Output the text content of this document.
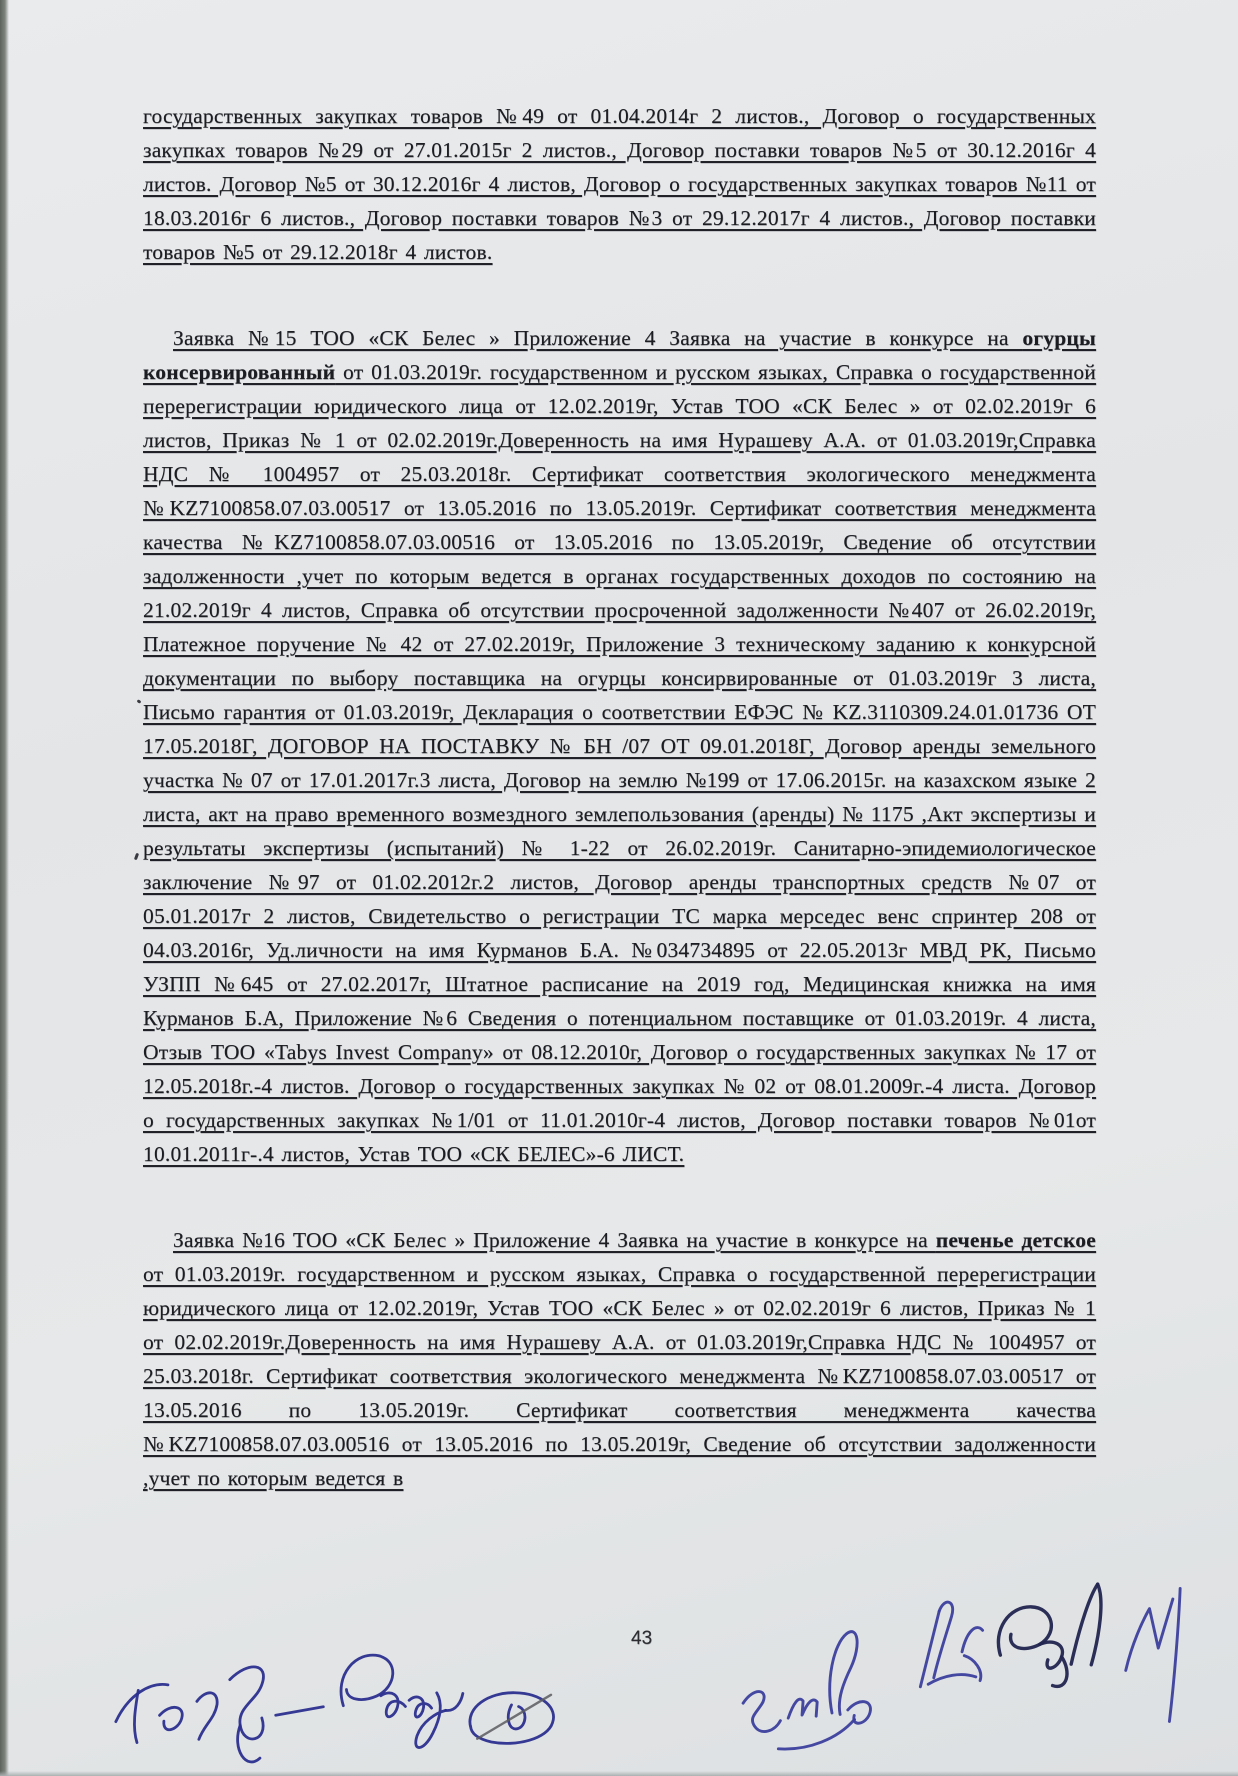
государственных закупках товаров №49 от 01.04.2014г 2 листов., Договор о государственных закупках товаров №29 от 27.01.2015г 2 листов., Договор поставки товаров №5 от 30.12.2016г 4 листов. Договор №5 от 30.12.2016г 4 листов, Договор о государственных закупках товаров №11 от 18.03.2016г 6 листов., Договор поставки товаров №3 от 29.12.2017г 4 листов., Договор поставки товаров №5 от 29.12.2018г 4 листов.

Заявка №15 ТОО «СК Белес » Приложение 4 Заявка на участие в конкурсе на огурцы консервированный от 01.03.2019г. государственном и русском языках, Справка о государственной перерегистрации юридического лица от 12.02.2019г, Устав ТОО «СК Белес » от 02.02.2019г 6 листов, Приказ № 1 от 02.02.2019г.Доверенность на имя Нурашеву А.А. от 01.03.2019г,Справка НДС № 1004957 от 25.03.2018г. Сертификат соответствия экологического менеджмента №KZ7100858.07.03.00517 от 13.05.2016 по 13.05.2019г. Сертификат соответствия менеджмента качества №KZ7100858.07.03.00516 от 13.05.2016 по 13.05.2019г, Сведение об отсутствии задолженности ,учет по которым ведется в органах государственных доходов по состоянию на 21.02.2019г 4 листов, Справка об отсутствии просроченной задолженности №407 от 26.02.2019г, Платежное поручение № 42 от 27.02.2019г, Приложение 3 техническому заданию к конкурсной документации по выбору поставщика на огурцы консирвированные от 01.03.2019г 3 листа, Письмо гарантия от 01.03.2019г, Декларация о соответствии ЕФЭС № KZ.3110309.24.01.01736 ОТ 17.05.2018Г, ДОГОВОР НА ПОСТАВКУ № БН /07 ОТ 09.01.2018Г, Договор аренды земельного участка № 07 от 17.01.2017г.3 листа, Договор на землю №199 от 17.06.2015г. на казахском языке 2 листа, акт на право временного возмездного землепользования (аренды) № 1175 ,Акт экспертизы и результаты экспертизы (испытаний) № 1-22 от 26.02.2019г. Санитарно-эпидемиологическое заключение №97 от 01.02.2012г.2 листов, Договор аренды транспортных средств №07 от 05.01.2017г 2 листов, Свидетельство о регистрации ТС марка мерседес венс спринтер 208 от 04.03.2016г, Уд.личности на имя Курманов Б.А. №034734895 от 22.05.2013г МВД РК, Письмо УЗПП №645 от 27.02.2017г, Штатное расписание на 2019 год, Медицинская книжка на имя Курманов Б.А, Приложение №6 Сведения о потенциальном поставщике от 01.03.2019г. 4 листа, Отзыв ТОО «Tabys Invest Company» от 08.12.2010г, Договор о государственных закупках № 17 от 12.05.2018г.-4 листов. Договор о государственных закупках № 02 от 08.01.2009г.-4 листа. Договор о государственных закупках №1/01 от 11.01.2010г-4 листов, Договор поставки товаров №01от 10.01.2011г-.4 листов, Устав ТОО «СК БЕЛЕС»-6 ЛИСТ.

Заявка №16 ТОО «СК Белес » Приложение 4 Заявка на участие в конкурсе на печенье детское от 01.03.2019г. государственном и русском языках, Справка о государственной перерегистрации юридического лица от 12.02.2019г, Устав ТОО «СК Белес » от 02.02.2019г 6 листов, Приказ № 1 от 02.02.2019г.Доверенность на имя Нурашеву А.А. от 01.03.2019г,Справка НДС № 1004957 от 25.03.2018г. Сертификат соответствия экологического менеджмента №KZ7100858.07.03.00517 от 13.05.2016 по 13.05.2019г. Сертификат соответствия менеджмента качества №KZ7100858.07.03.00516 от 13.05.2016 по 13.05.2019г, Сведение об отсутствии задолженности ,учет по которым ведется в

43
